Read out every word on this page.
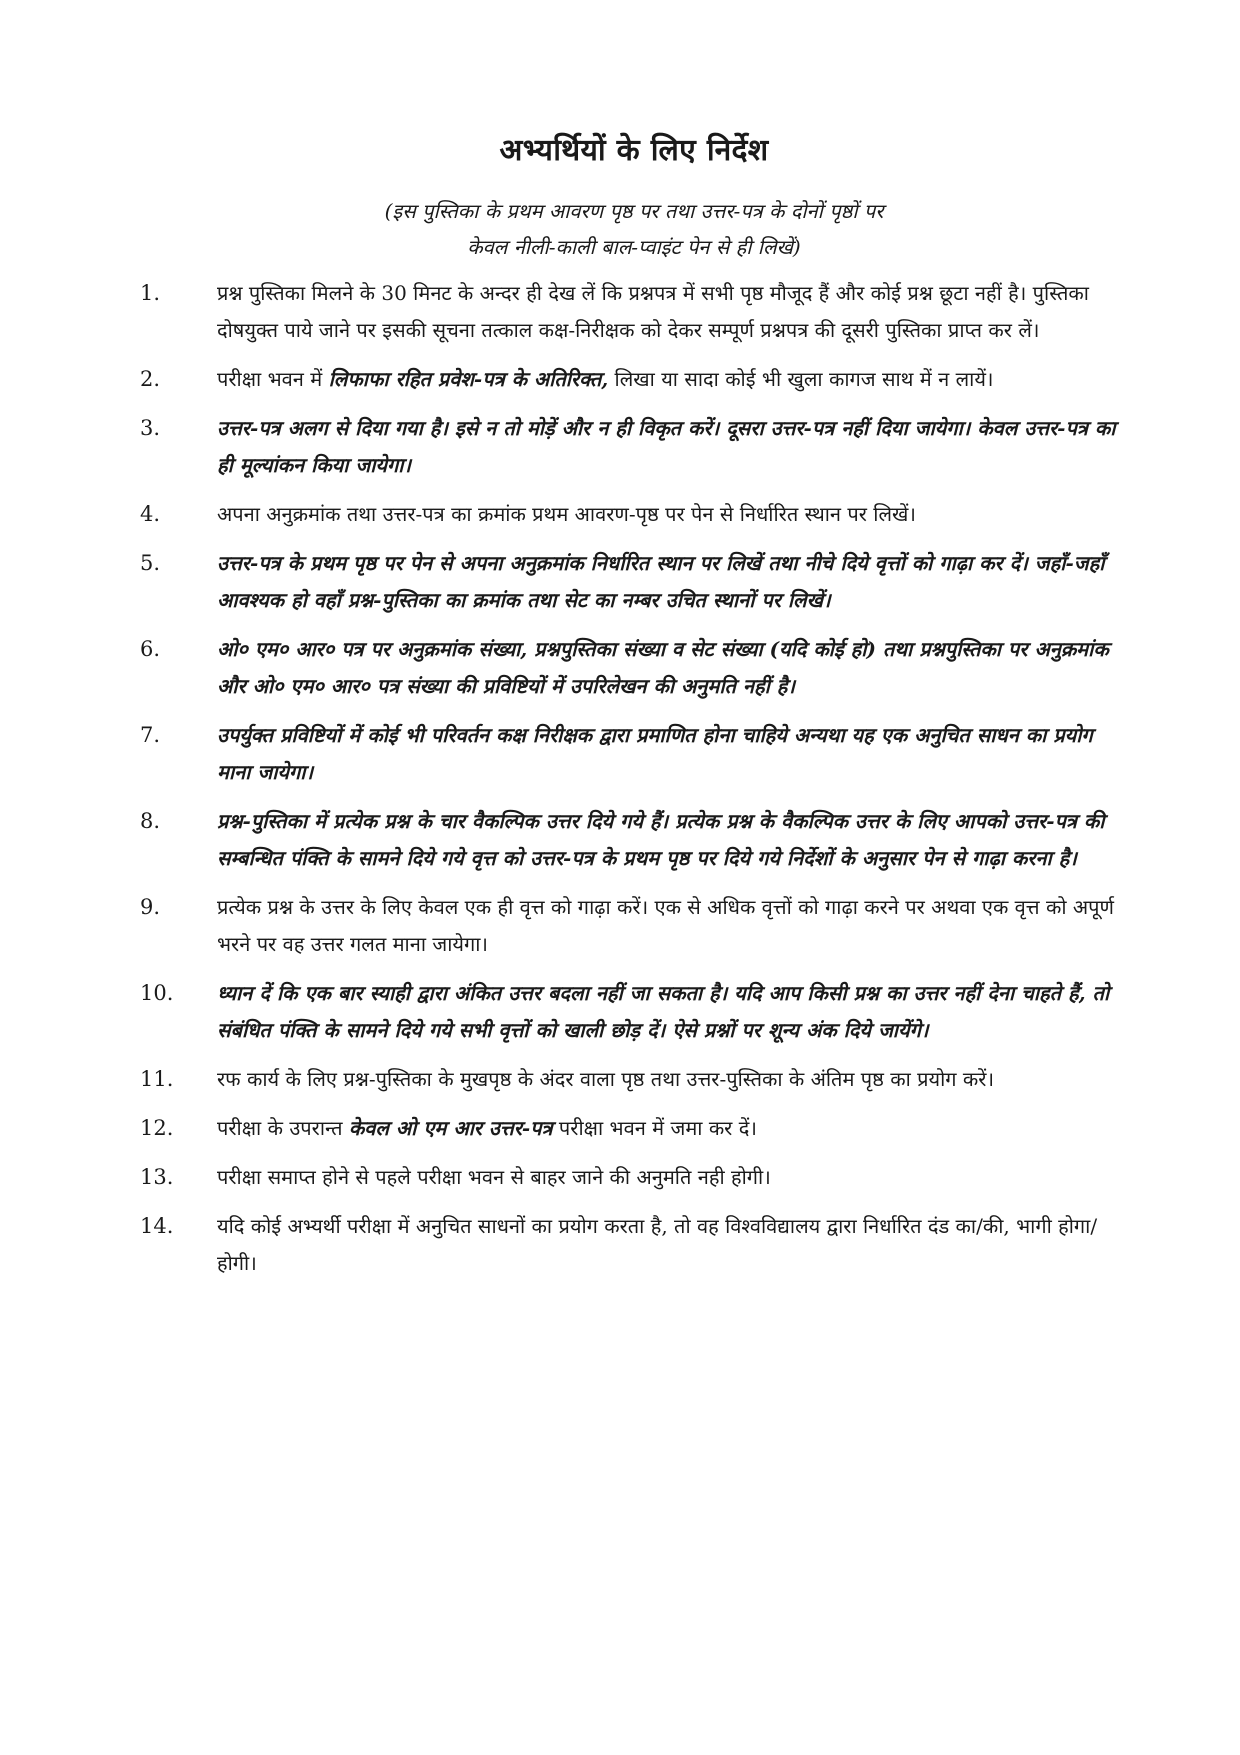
अभ्यर्थियों के लिए निर्देश
(इस पुस्तिका के प्रथम आवरण पृष्ठ पर तथा उत्तर-पत्र के दोनों पृष्ठों पर
केवल नीली-काली बाल-प्वाइंट पेन से ही लिखें)
1.	प्रश्न पुस्तिका मिलने के 30 मिनट के अन्दर ही देख लें कि प्रश्नपत्र में सभी पृष्ठ मौजूद हैं और कोई प्रश्न छूटा नहीं है। पुस्तिका दोषयुक्त पाये जाने पर इसकी सूचना तत्काल कक्ष-निरीक्षक को देकर सम्पूर्ण प्रश्नपत्र की दूसरी पुस्तिका प्राप्त कर लें।
2.	परीक्षा भवन में लिफाफा रहित प्रवेश-पत्र के अतिरिक्त, लिखा या सादा कोई भी खुला कागज साथ में न लायें।
3.	उत्तर-पत्र अलग से दिया गया है। इसे न तो मोड़ें और न ही विकृत करें। दूसरा उत्तर-पत्र नहीं दिया जायेगा। केवल उत्तर-पत्र का ही मूल्यांकन किया जायेगा।
4.	अपना अनुक्रमांक तथा उत्तर-पत्र का क्रमांक प्रथम आवरण-पृष्ठ पर पेन से निर्धारित स्थान पर लिखें।
5.	उत्तर-पत्र के प्रथम पृष्ठ पर पेन से अपना अनुक्रमांक निर्धारित स्थान पर लिखें तथा नीचे दिये वृत्तों को गाढ़ा कर दें। जहाँ-जहाँ आवश्यक हो वहाँ प्रश्न-पुस्तिका का क्रमांक तथा सेट का नम्बर उचित स्थानों पर लिखें।
6.	ओ० एम० आर० पत्र पर अनुक्रमांक संख्या, प्रश्नपुस्तिका संख्या व सेट संख्या (यदि कोई हो) तथा प्रश्नपुस्तिका पर अनुक्रमांक और ओ० एम० आर० पत्र संख्या की प्रविष्टियों में उपरिलेखन की अनुमति नहीं है।
7.	उपर्युक्त प्रविष्टियों में कोई भी परिवर्तन कक्ष निरीक्षक द्वारा प्रमाणित होना चाहिये अन्यथा यह एक अनुचित साधन का प्रयोग माना जायेगा।
8.	प्रश्न-पुस्तिका में प्रत्येक प्रश्न के चार वैकल्पिक उत्तर दिये गये हैं। प्रत्येक प्रश्न के वैकल्पिक उत्तर के लिए आपको उत्तर-पत्र की सम्बन्धित पंक्ति के सामने दिये गये वृत्त को उत्तर-पत्र के प्रथम पृष्ठ पर दिये गये निर्देशों के अनुसार पेन से गाढ़ा करना है।
9.	प्रत्येक प्रश्न के उत्तर के लिए केवल एक ही वृत्त को गाढ़ा करें। एक से अधिक वृत्तों को गाढ़ा करने पर अथवा एक वृत्त को अपूर्ण भरने पर वह उत्तर गलत माना जायेगा।
10.	ध्यान दें कि एक बार स्याही द्वारा अंकित उत्तर बदला नहीं जा सकता है। यदि आप किसी प्रश्न का उत्तर नहीं देना चाहते हैं, तो संबंधित पंक्ति के सामने दिये गये सभी वृत्तों को खाली छोड़ दें। ऐसे प्रश्नों पर शून्य अंक दिये जायेंगे।
11.	रफ कार्य के लिए प्रश्न-पुस्तिका के मुखपृष्ठ के अंदर वाला पृष्ठ तथा उत्तर-पुस्तिका के अंतिम पृष्ठ का प्रयोग करें।
12.	परीक्षा के उपरान्त केवल ओ एम आर उत्तर-पत्र परीक्षा भवन में जमा कर दें।
13.	परीक्षा समाप्त होने से पहले परीक्षा भवन से बाहर जाने की अनुमति नही होगी।
14.	यदि कोई अभ्यर्थी परीक्षा में अनुचित साधनों का प्रयोग करता है, तो वह विश्वविद्यालय द्वारा निर्धारित दंड का/की, भागी होगा/होगी।
